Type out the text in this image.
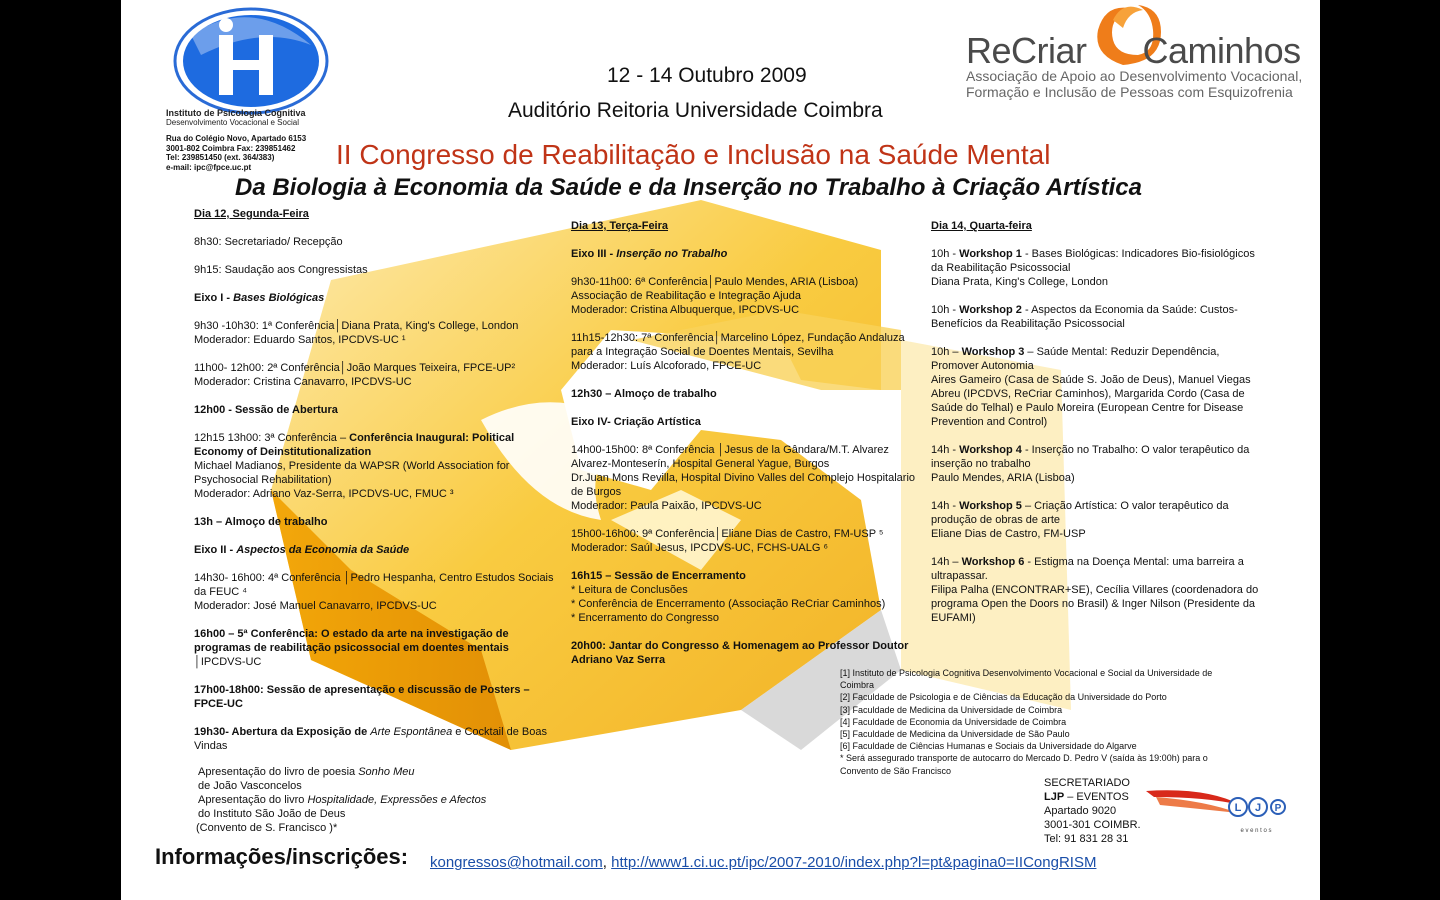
Instituto de Psicologia Cognitiva
Desenvolvimento Vocacional e Social
Rua do Colégio Novo, Apartado 6153
3001-802 Coimbra Fax: 239851462
Tel: 239851450 (ext. 364/383)
e-mail: ipc@fpce.uc.pt
ReCriar Caminhos
Associação de Apoio ao Desenvolvimento Vocacional,
Formação e Inclusão de Pessoas com Esquizofrenia
12 - 14 Outubro 2009
Auditório Reitoria Universidade Coimbra
II Congresso de Reabilitação e Inclusão na Saúde Mental
Da Biologia à Economia da Saúde e da Inserção no Trabalho à Criação Artística
Dia 12, Segunda-Feira
8h30: Secretariado/ Recepção
9h15: Saudação aos Congressistas
Eixo I - Bases Biológicas
9h30 -10h30: 1ª Conferência│Diana Prata, King's College, London
Moderador: Eduardo Santos, IPCDVS-UC ¹
11h00- 12h00: 2ª Conferência│João Marques Teixeira, FPCE-UP²
Moderador: Cristina Canavarro, IPCDVS-UC
12h00 - Sessão de Abertura
12h15 13h00: 3ª Conferência – Conferência Inaugural: Political Economy of Deinstitutionalization
Michael Madianos, Presidente da WAPSR (World Association for Psychosocial Rehabilitation)
Moderador: Adriano Vaz-Serra, IPCDVS-UC, FMUC ³
13h – Almoço de trabalho
Eixo II - Aspectos da Economia da Saúde
14h30- 16h00: 4ª Conferência │Pedro Hespanha, Centro Estudos Sociais da FEUC ⁴
Moderador: José Manuel Canavarro, IPCDVS-UC
16h00 – 5ª Conferência: O estado da arte na investigação de programas de reabilitação psicossocial em doentes mentais
│IPCDVS-UC
17h00-18h00: Sessão de apresentação e discussão de Posters – FPCE-UC
19h30- Abertura da Exposição de Arte Espontânea e Cocktail de Boas Vindas
Apresentação do livro de poesia Sonho Meu
de João Vasconcelos
Apresentação do livro Hospitalidade, Expressões e Afectos
do Instituto São João de Deus
(Convento de S. Francisco )*
Dia 13, Terça-Feira
Eixo III - Inserção no Trabalho
9h30-11h00: 6ª Conferência│Paulo Mendes, ARIA (Lisboa)
Associação de Reabilitação e Integração Ajuda
Moderador: Cristina Albuquerque, IPCDVS-UC
11h15-12h30: 7ª Conferência│Marcelino López, Fundação Andaluza para a Integração Social de Doentes Mentais, Sevilha
Moderador: Luís Alcoforado, FPCE-UC
12h30 – Almoço de trabalho
Eixo IV- Criação Artística
14h00-15h00: 8ª Conferência │Jesus de la Gândara/M.T. Alvarez Alvarez-Monteserín, Hospital General Yague, Burgos
Dr.Juan Mons Revilla, Hospital Divino Valles del Complejo Hospitalario de Burgos
Moderador: Paula Paixão, IPCDVS-UC
15h00-16h00: 9ª Conferência│Eliane Dias de Castro, FM-USP ⁵
Moderador: Saúl Jesus, IPCDVS-UC, FCHS-UALG ⁶
16h15 – Sessão de Encerramento
* Leitura de Conclusões
* Conferência de Encerramento (Associação ReCriar Caminhos)
* Encerramento do Congresso
20h00: Jantar do Congresso & Homenagem ao Professor Doutor Adriano Vaz Serra
Dia 14, Quarta-feira
10h - Workshop 1 - Bases Biológicas: Indicadores Bio-fisiológicos da Reabilitação Psicossocial
Diana Prata, King's College, London
10h - Workshop 2 - Aspectos da Economia da Saúde: Custos-Benefícios da Reabilitação Psicossocial
10h – Workshop 3 – Saúde Mental: Reduzir Dependência, Promover Autonomia
Aires Gameiro (Casa de Saúde S. João de Deus), Manuel Viegas Abreu (IPCDVS, ReCriar Caminhos), Margarida Cordo (Casa de Saúde do Telhal) e Paulo Moreira (European Centre for Disease Prevention and Control)
14h - Workshop 4 - Inserção no Trabalho: O valor terapêutico da inserção no trabalho
Paulo Mendes, ARIA (Lisboa)
14h - Workshop 5 – Criação Artística: O valor terapêutico da produção de obras de arte
Eliane Dias de Castro, FM-USP
14h – Workshop 6 - Estigma na Doença Mental: uma barreira a ultrapassar.
Filipa Palha (ENCONTRAR+SE), Cecília Villares (coordenadora do programa Open the Doors no Brasil) & Inger Nilson (Presidente da EUFAMI)
[1] Instituto de Psicologia Cognitiva Desenvolvimento Vocacional e Social da Universidade de
Coimbra
[2] Faculdade de Psicologia e de Ciências da Educação da Universidade do Porto
[3] Faculdade de Medicina da Universidade de Coimbra
[4] Faculdade de Economia da Universidade de Coimbra
[5] Faculdade de Medicina da Universidade de São Paulo
[6] Faculdade de Ciências Humanas e Sociais da Universidade do Algarve
* Será assegurado transporte de autocarro do Mercado D. Pedro V (saída às 19:00h) para o
Convento de São Francisco
SECRETARIADO
LJP – EVENTOS
Apartado 9020
3001-301 COIMBR.
Tel: 91 831 28 31
L J P
e v e n t o s
Informações/inscrições: kongressos@hotmail.com, http://www1.ci.uc.pt/ipc/2007-2010/index.php?l=pt&pagina0=IICongRISM
